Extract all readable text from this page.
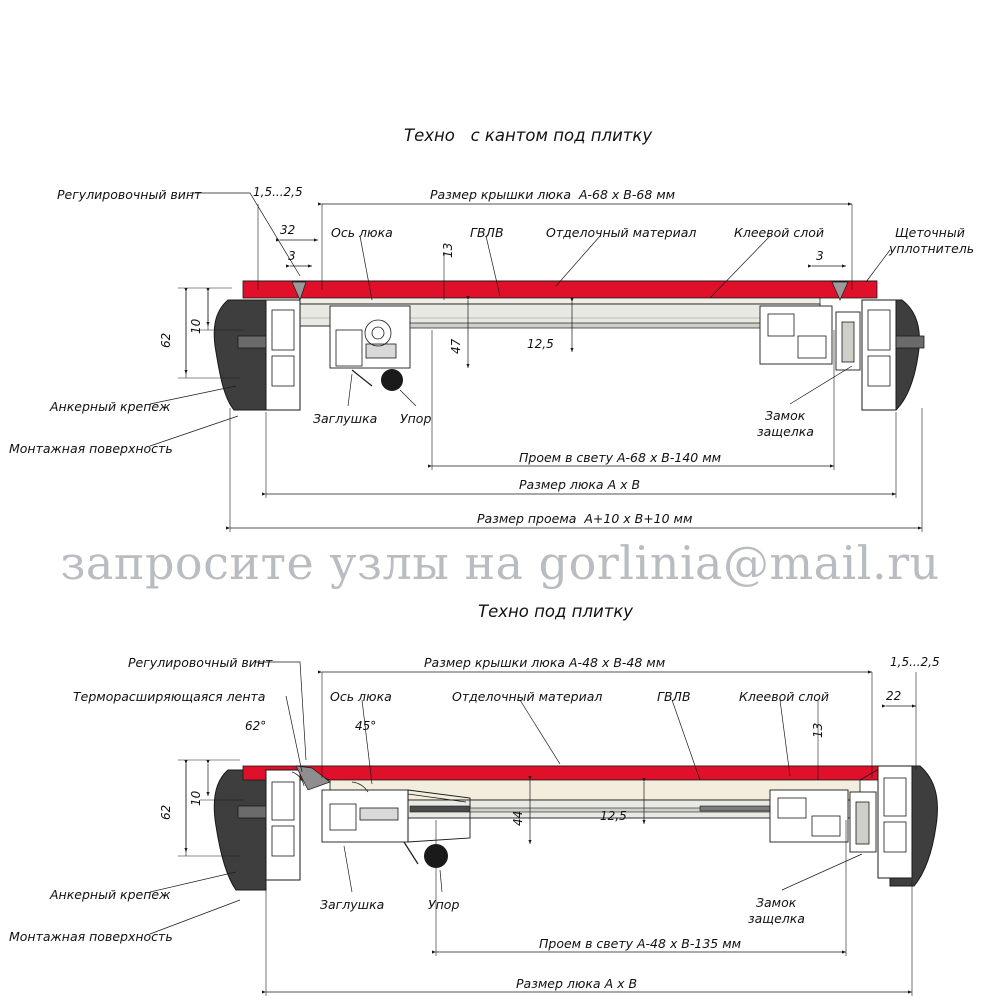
Техно   с кантом под плитку
Техно под плитку
запросите узлы на gorlinia@mail.ru
Регулировочный винт	1,5...2,5
32
3
Ось люка
13
ГВЛВ	Отделочный материал	Клеевой слой
Размер крышки люка  А-68 х В-68 мм
3
Щеточный
уплотнитель
62
10
47	12,5
Анкерный крепеж
Монтажная поверхность
Заглушка Упор	Замок
защелка
Проем в свету А-68 х В-140 мм
Размер люка А х В
Размер проема  А+10 х В+10 мм
Регулировочный винт
Терморасширяющаяся лента
62°	45°
Ось люка	Отделочный материал	ГВЛВ	Клеевой слой
Размер крышки люка А-48 х В-48 мм	1,5...2,5
22
13
62
10
44	12,5
Анкерный крепеж
Монтажная поверхность
Заглушка	Упор	Замок
защелка
Проем в свету А-48 х В-135 мм
Размер люка А х В
